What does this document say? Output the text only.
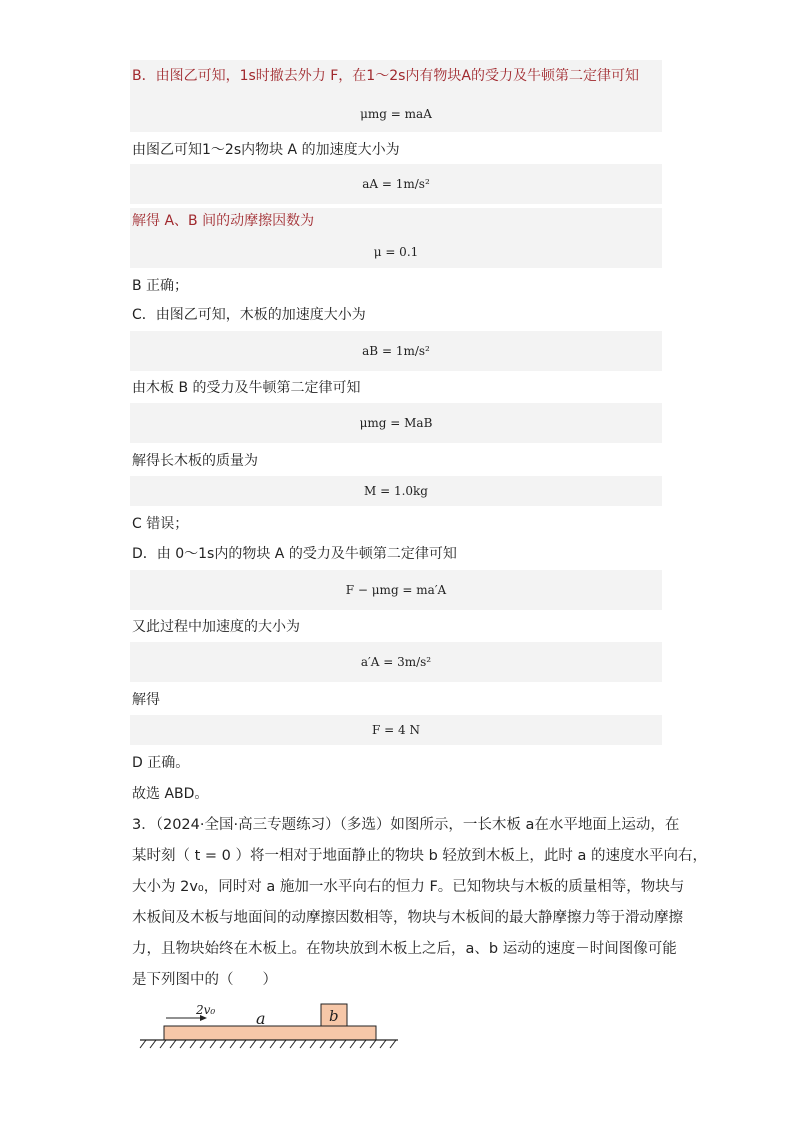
B．由图乙可知，1s时撤去外力 F，在1～2s内有物块A的受力及牛顿第二定律可知
μmg = maA
由图乙可知1～2s内物块 A 的加速度大小为
aA = 1m/s²
解得 A、B 间的动摩擦因数为
μ = 0.1
B 正确；
C．由图乙可知，木板的加速度大小为
aB = 1m/s²
由木板 B 的受力及牛顿第二定律可知
μmg = MaB
解得长木板的质量为
M = 1.0kg
C 错误；
D．由 0～1s内的物块 A 的受力及牛顿第二定律可知
F − μmg = ma′A
又此过程中加速度的大小为
a′A = 3m/s²
解得
F = 4 N
D 正确。
故选 ABD。
3．（2024·全国·高三专题练习）（多选）如图所示，一长木板 a在水平地面上运动，在
某时刻（ t = 0 ）将一相对于地面静止的物块 b 轻放到木板上，此时 a 的速度水平向右，
大小为 2v₀，同时对 a 施加一水平向右的恒力 F。已知物块与木板的质量相等，物块与
木板间及木板与地面间的动摩擦因数相等，物块与木板间的最大静摩擦力等于滑动摩擦
力，且物块始终在木板上。在物块放到木板上之后，a、b 运动的速度－时间图像可能
是下列图中的（　　）
2v₀	a	b
